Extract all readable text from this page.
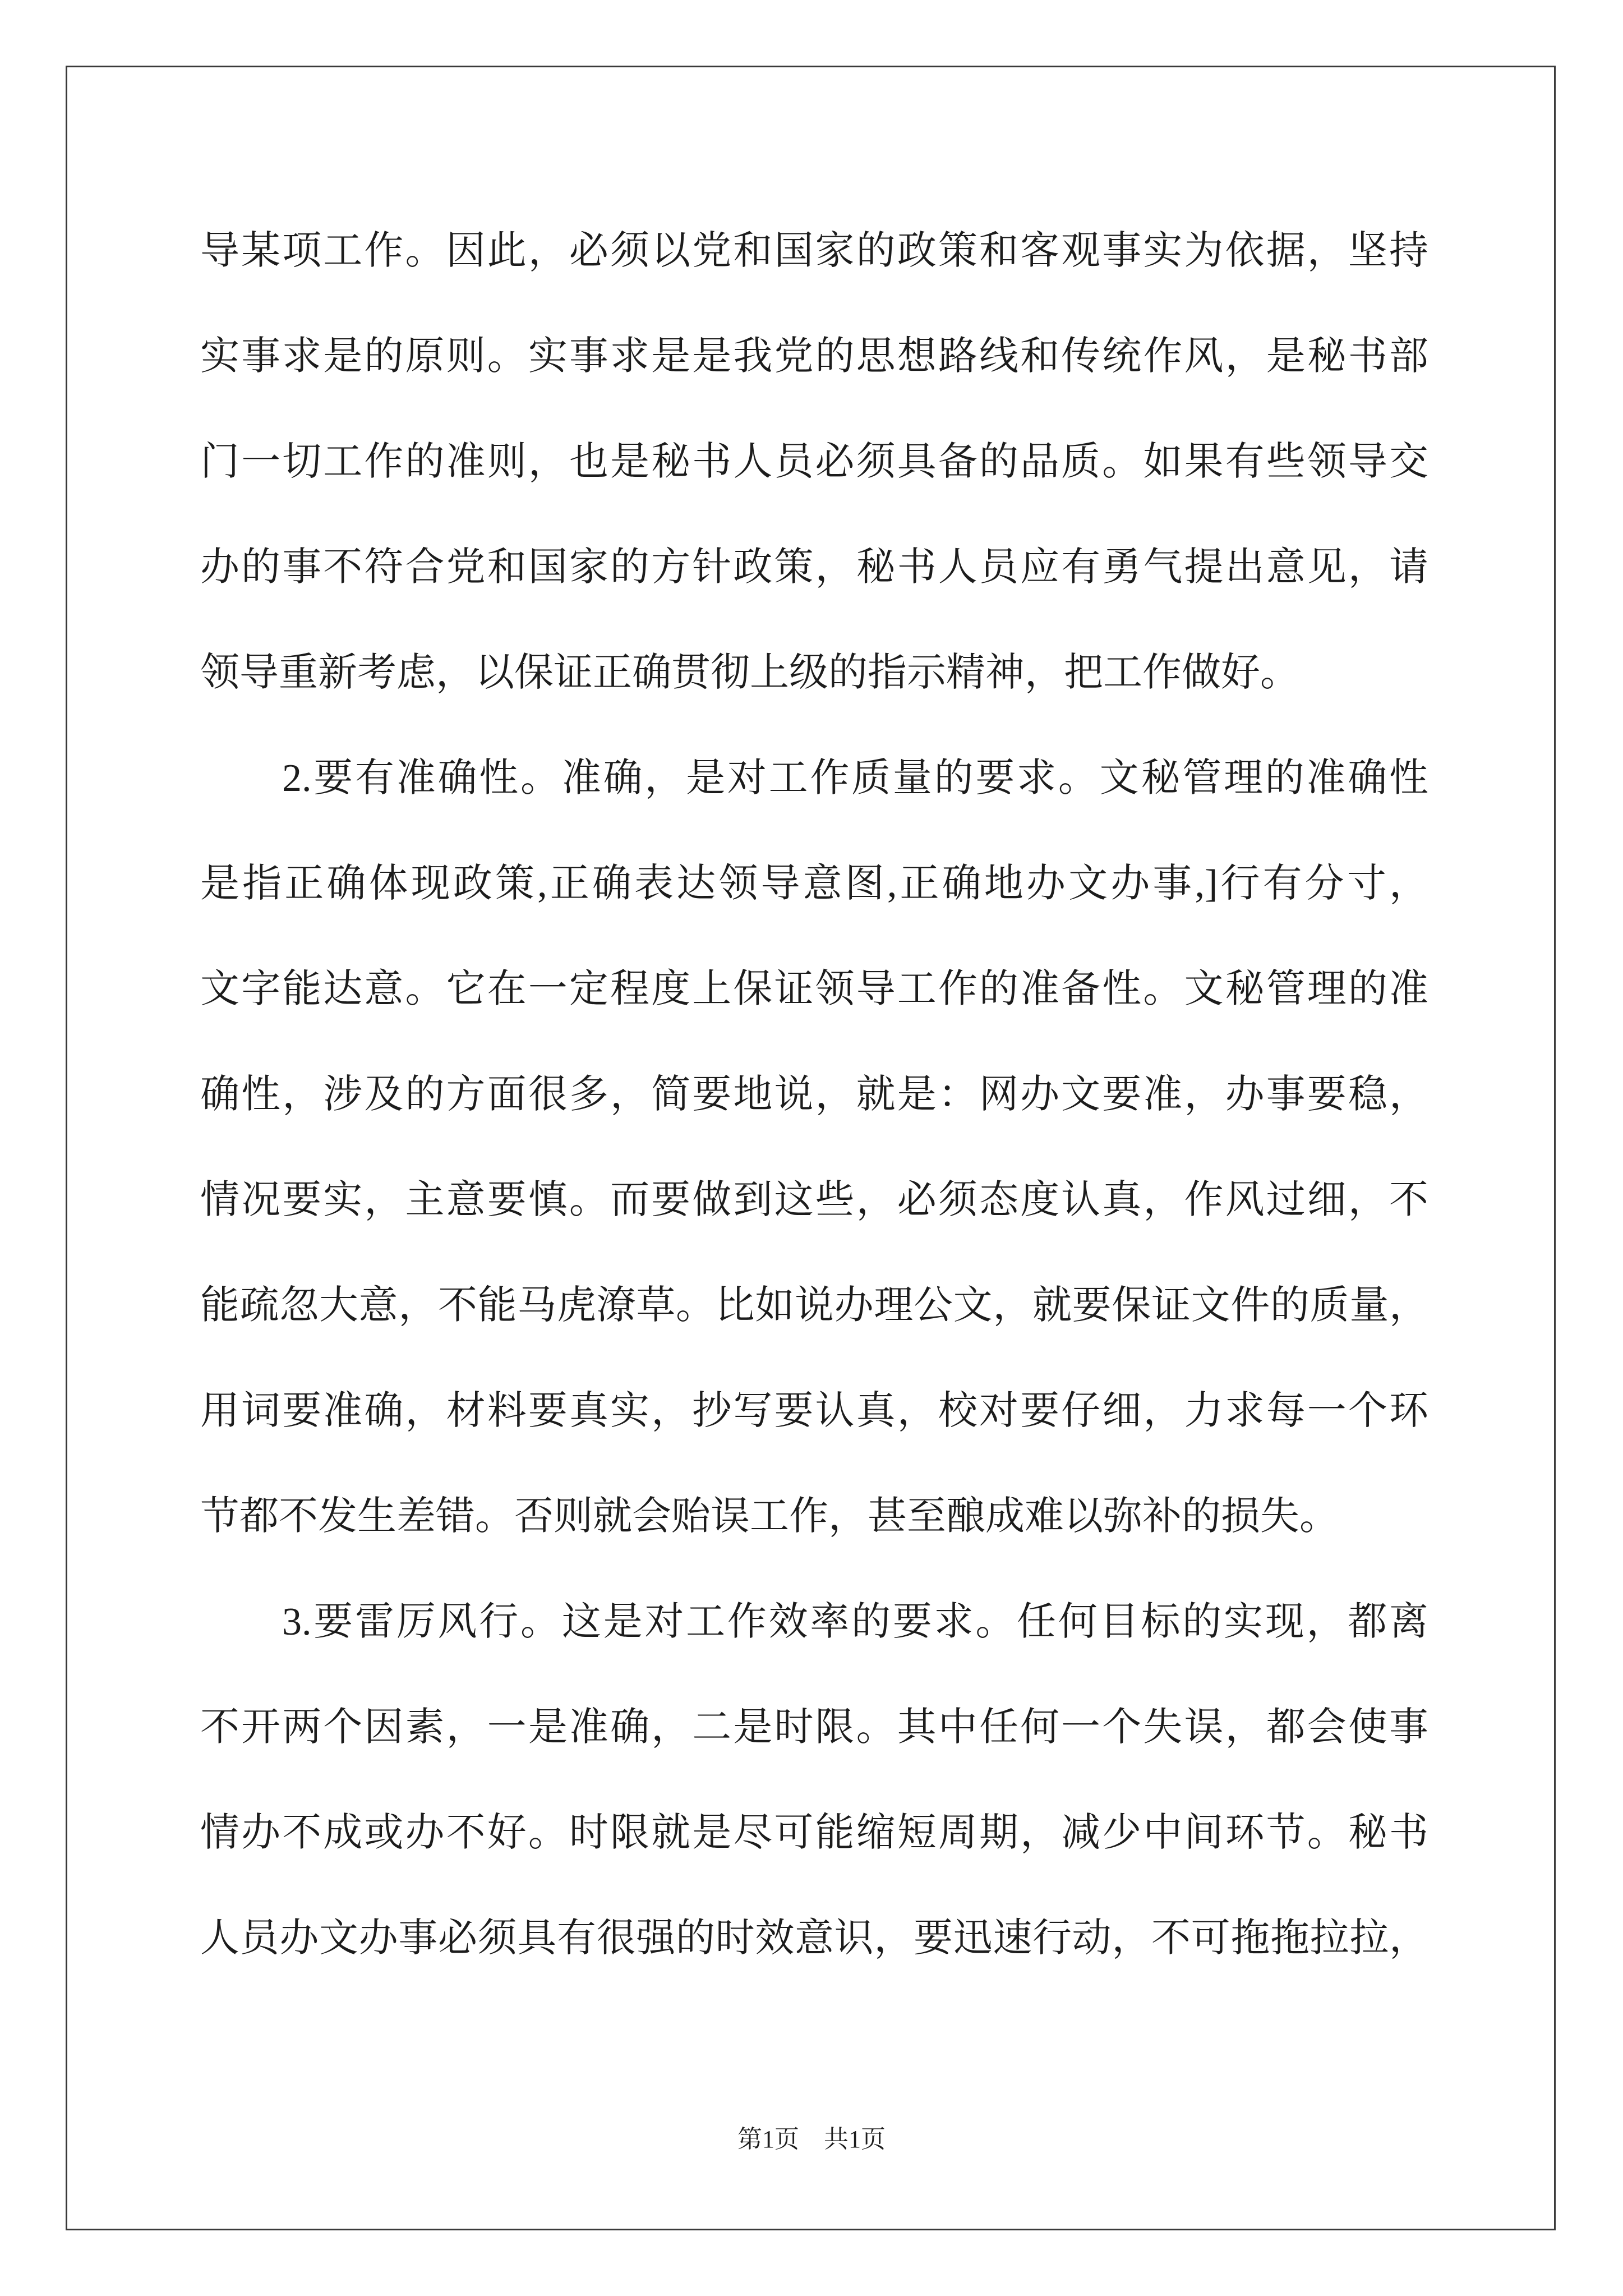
导某项工作。因此，必须以党和国家的政策和客观事实为依据，坚持
实事求是的原则。实事求是是我党的思想路线和传统作风，是秘书部
门一切工作的准则，也是秘书人员必须具备的品质。如果有些领导交
办的事不符合党和国家的方针政策，秘书人员应有勇气提出意见，请
领导重新考虑，以保证正确贯彻上级的指示精神，把工作做好。
2.要有准确性。准确，是对工作质量的要求。文秘管理的准确性
是指正确体现政策,正确表达领导意图,正确地办文办事,]行有分寸，
文字能达意。它在一定程度上保证领导工作的准备性。文秘管理的准
确性，涉及的方面很多，简要地说，就是：网办文要准，办事要稳，
情况要实，主意要慎。而要做到这些，必须态度认真，作风过细，不
能疏忽大意，不能马虎潦草。比如说办理公文，就要保证文件的质量，
用词要准确，材料要真实，抄写要认真，校对要仔细，力求每一个环
节都不发生差错。否则就会贻误工作，甚至酿成难以弥补的损失。
3.要雷厉风行。这是对工作效率的要求。任何目标的实现，都离
不开两个因素，一是准确，二是时限。其中任何一个失误，都会使事
情办不成或办不好。时限就是尽可能缩短周期，减少中间环节。秘书
人员办文办事必须具有很强的时效意识，要迅速行动，不可拖拖拉拉，
第1页　共1页
